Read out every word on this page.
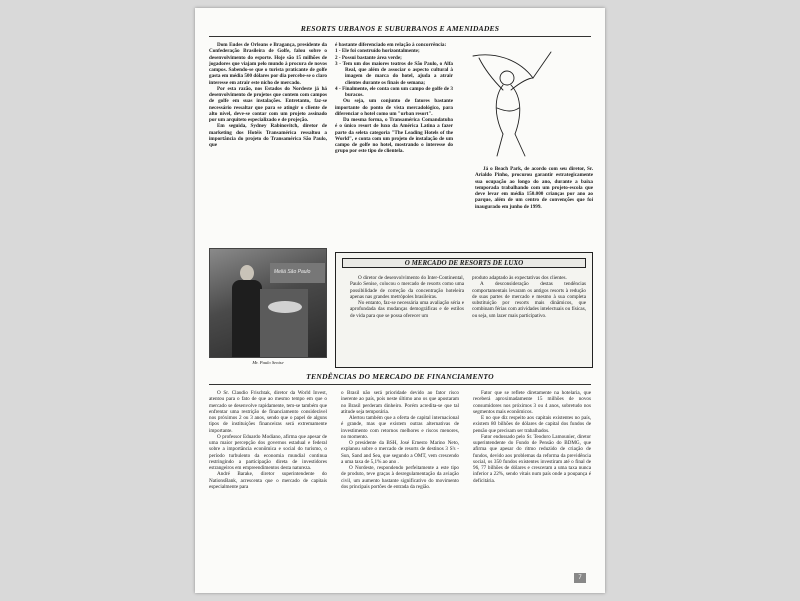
RESORTS URBANOS E SUBURBANOS E AMENIDADES

Dom Eudes de Orleans e Bragança, presidente da Confederação Brasileira de Golfe, falou sobre o desenvolvimento do esporte. Hoje são 15 milhões de jogadores que viajam pelo mundo à procura de novos campos. Sabendo-se que o turista praticante de golfe gasta em média 500 dólares por dia percebe-se o claro interesse em atrair este nicho de mercado.

Por esta razão, nos Estados do Nordeste já há desenvolvimento de projetos que contem com campos de golfe em suas instalações. Entretanto, faz-se necessário ressaltar que para se atingir o cliente de alto nível, deve-se contar com um projeto assinado por um arquiteto especializado e de projeção.

Em seguida, Sydney Rabinovitch, diretor de marketing dos Hotéis Transamérica ressaltou a importância do projeto do Transamérica São Paulo, que

é bastante diferenciado em relação à concorrência:

1 - Ele foi construído horizontalmente;
2 - Possui bastante área verde;
3 - Tem um dos maiores teatros de São Paulo, o Alfa Real, que além de associar o aspecto cultural à imagem de marca do hotel, ajuda a atrair clientes durante os finais de semana;
4 - Finalmente, ele conta com um campo de golfe de 3 buracos.

Ou seja, um conjunto de fatores bastante importante do ponto de vista mercadológico, para diferenciar o hotel como um "urban resort".

Da mesma forma, o Transamérica Comandatuba é o único resort de luxo da América Latina a fazer parte da seleta categoria "The Leading Hotels of the World", e conta com um projeto de instalação de um campo de golfe no hotel, mostrando o interesse do grupo por este tipo de clientela.

Já o Beach Park, de acordo com seu diretor, Sr. Arialdo Pinho, procurou garantir estrategicamente sua ocupação ao longo do ano, durante a baixa temporada trabalhando com um projeto-escola que deve levar em média 150.000 crianças por ano ao parque, além de um centro de convenções que foi inaugurado em junho de 1999.

Meliá São Paulo
Mr. Paulo Senise
O MERCADO DE RESORTS DE LUXO

O diretor de desenvolvimento do Inter-Continental, Paulo Senise, colocou o mercado de resorts como uma possibilidade de correção da concentração hoteleira apenas nas grandes metrópoles brasileiras.

No entanto, faz-se necessária uma avaliação séria e aprofundada das mudanças demográficas e de estilos de vida para que se possa oferecer um

produto adaptado às expectativas dos clientes.

A desconsideração destas tendências comportamentais levaram os antigos resorts à redução de suas partes de mercado e mesmo à sua completa substituição por resorts mais dinâmicos, que combinam férias com atividades intelectuais ou físicas, ou seja, um lazer mais participativo.

TENDÊNCIAS DO MERCADO DE FINANCIAMENTO

O Sr. Claudio Frischtak, diretor da World Invest, atentou para o fato de que ao mesmo tempo em que o mercado se desenvolve rapidamente, tem-se também que enfrentar uma restrição de financiamento considerável nos próximos 2 ou 3 anos, sendo que o papel de alguns tipos de instituições financeiras será extremamente importante.

O professor Eduardo Modiano, afirma que apesar de uma maior percepção dos governos estadual e federal sobre a importância econômica e social do turismo, o período turbulento da economia mundial continua restringindo a participação direta de investidores estrangeiros em empreendimentos desta natureza.

André Barake, diretor superintendente do NationsBank, acrescenta que o mercado de capitais especialmente para

o Brasil não será prioridade devido ao fator risco inerente ao país, pois neste último ano os que apostaram no Brasil perderam dinheiro. Porém acredita-se que tal atitude seja temporária.

Alertou também que a oferta de capital internacional é grande, mas que existem outras alternativas de investimento com retornos melhores e riscos menores, no momento.

O presidente da BSH, José Ernesto Marino Neto, explanou sobre o mercado de resorts de destinos 3 S's - Sun, Sand and Sea, que segundo a OMT, vem crescendo a uma taxa de 5,1% ao ano .

O Nordeste, respondendo perfeitamente a este tipo de produto, teve graças à desregulamentação da aviação civil, um aumento bastante significativo do movimento dos principais portões de entrada da região.

Fator que se reflete diretamente na hotelaria, que receberá aproximadamente 15 milhões de novos consumidores nos próximos 3 ou 4 anos, sobretudo nos segmentos mais econômicos.

E no que diz respeito aos capitais existentes no país, existem 80 bilhões de dólares de capital dos fundos de pensão que precisam ser trabalhados.

Fator endossado pelo Sr. Teodoro Lamounier, diretor superintendente do Fundo de Pensão do BDMG, que afirma que apesar do ritmo reduzido de criação de fundos, devido aos problemas da reforma da previdência social, os 350 fundos existentes investiram até o final de 96, 77 bilhões de dólares e cresceram a uma taxa nunca inferior a 22%, sendo vitais num país onde a poupança é deficitária.

7
